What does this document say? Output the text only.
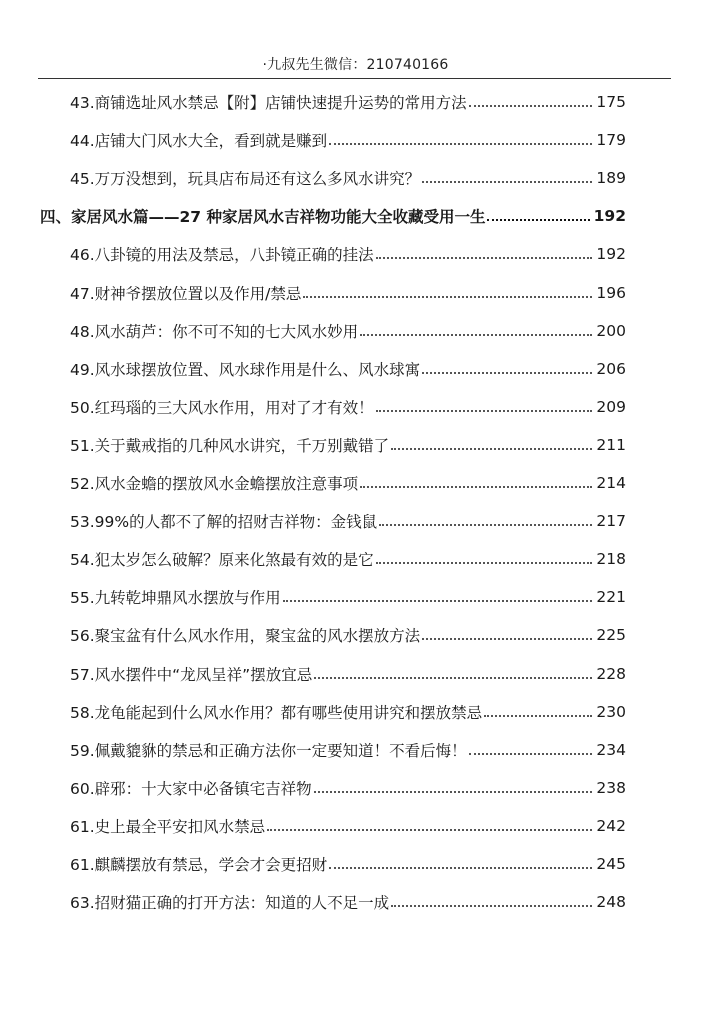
·九叔先生微信：210740166
43.商铺选址风水禁忌【附】店铺快速提升运势的常用方法	175
44.店铺大门风水大全，看到就是赚到	179
45.万万没想到，玩具店布局还有这么多风水讲究？	189
四、家居风水篇——27 种家居风水吉祥物功能大全收藏受用一生	192
46.八卦镜的用法及禁忌，八卦镜正确的挂法	192
47.财神爷摆放位置以及作用/禁忌	196
48.风水葫芦：你不可不知的七大风水妙用	200
49.风水球摆放位置、风水球作用是什么、风水球寓	206
50.红玛瑙的三大风水作用，用对了才有效！	209
51.关于戴戒指的几种风水讲究，千万别戴错了	211
52.风水金蟾的摆放风水金蟾摆放注意事项	214
53.99%的人都不了解的招财吉祥物：金钱鼠	217
54.犯太岁怎么破解？原来化煞最有效的是它	218
55.九转乾坤鼎风水摆放与作用	221
56.聚宝盆有什么风水作用，聚宝盆的风水摆放方法	225
57.风水摆件中“龙凤呈祥”摆放宜忌	228
58.龙龟能起到什么风水作用？都有哪些使用讲究和摆放禁忌	230
59.佩戴貔貅的禁忌和正确方法你一定要知道！不看后悔！	234
60.辟邪：十大家中必备镇宅吉祥物	238
61.史上最全平安扣风水禁忌	242
61.麒麟摆放有禁忌，学会才会更招财	245
63.招财猫正确的打开方法：知道的人不足一成	248
